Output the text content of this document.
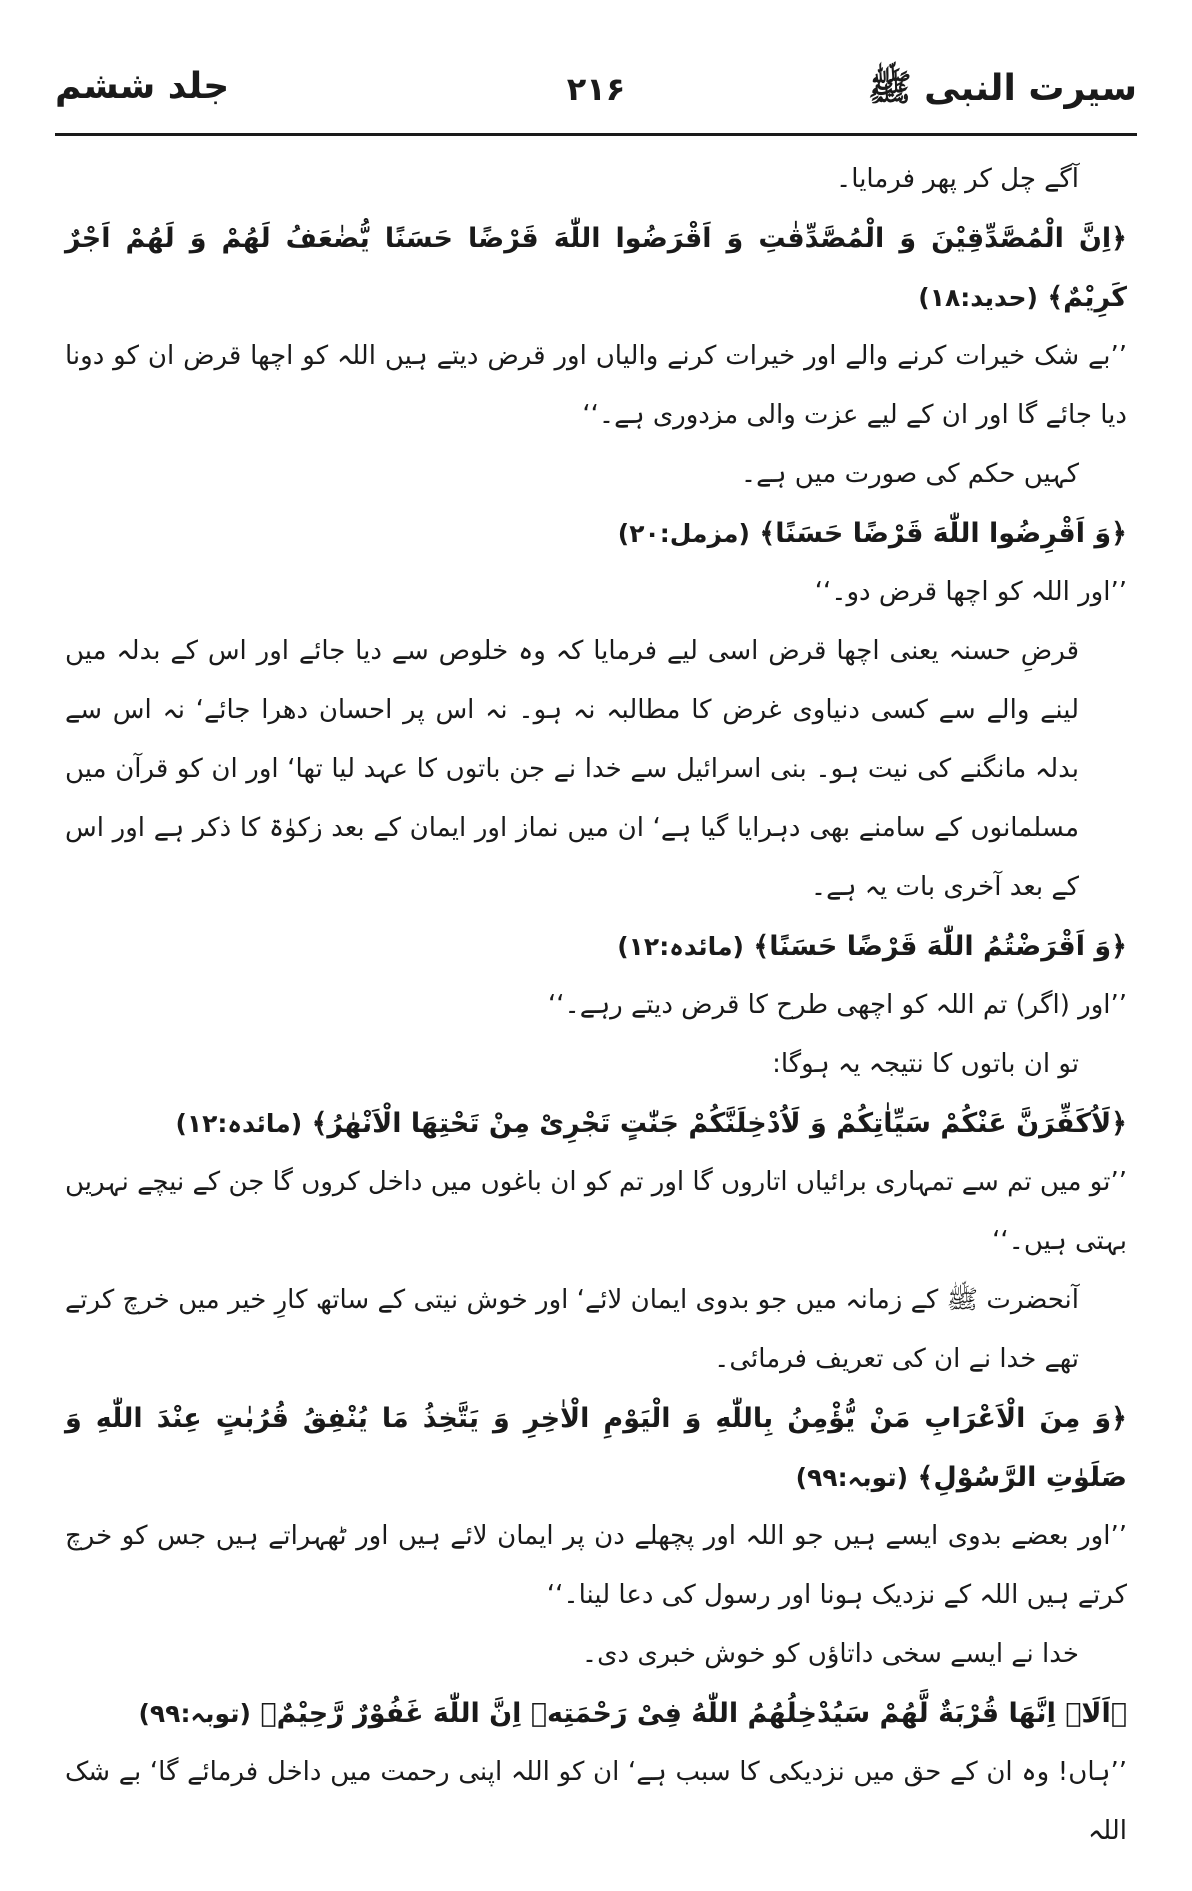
سیرت النبی ﷺ
۲۱۶
جلد ششم

آگے چل کر پھر فرمایا۔

﴿اِنَّ الْمُصَّدِّقِیْنَ وَ الْمُصَّدِّقٰتِ وَ اَقْرَضُوا اللّٰهَ قَرْضًا حَسَنًا یُّضٰعَفُ لَهُمْ وَ لَهُمْ اَجْرٌ كَرِیْمٌ﴾ (حدید:۱۸)

’’بے شک خیرات کرنے والے اور خیرات کرنے والیاں اور قرض دیتے ہیں اللہ کو اچھا قرض ان کو دونا دیا جائے گا اور ان کے لیے عزت والی مزدوری ہے۔‘‘

کہیں حکم کی صورت میں ہے۔

﴿وَ اَقْرِضُوا اللّٰهَ قَرْضًا حَسَنًا﴾ (مزمل:۲۰)

’’اور اللہ کو اچھا قرض دو۔‘‘

قرضِ حسنہ یعنی اچھا قرض اسی لیے فرمایا کہ وہ خلوص سے دیا جائے اور اس کے بدلہ میں لینے والے سے کسی دنیاوی غرض کا مطالبہ نہ ہو۔ نہ اس پر احسان دھرا جائے‘ نہ اس سے بدلہ مانگنے کی نیت ہو۔ بنی اسرائیل سے خدا نے جن باتوں کا عہد لیا تھا‘ اور ان کو قرآن میں مسلمانوں کے سامنے بھی دہرایا گیا ہے‘ ان میں نماز اور ایمان کے بعد زکوٰۃ کا ذکر ہے اور اس کے بعد آخری بات یہ ہے۔

﴿وَ اَقْرَضْتُمُ اللّٰهَ قَرْضًا حَسَنًا﴾ (مائدہ:۱۲)

’’اور (اگر) تم اللہ کو اچھی طرح کا قرض دیتے رہے۔‘‘

تو ان باتوں کا نتیجہ یہ ہوگا:

﴿لَاُكَفِّرَنَّ عَنْكُمْ سَیِّاٰتِكُمْ وَ لَاُدْخِلَنَّكُمْ جَنّٰتٍ تَجْرِیْ مِنْ تَحْتِهَا الْاَنْهٰرُ﴾ (مائدہ:۱۲)

’’تو میں تم سے تمہاری برائیاں اتاروں گا اور تم کو ان باغوں میں داخل کروں گا جن کے نیچے نہریں بہتی ہیں۔‘‘

آنحضرت ﷺ کے زمانہ میں جو بدوی ایمان لائے‘ اور خوش نیتی کے ساتھ کارِ خیر میں خرچ کرتے تھے خدا نے ان کی تعریف فرمائی۔

﴿وَ مِنَ الْاَعْرَابِ مَنْ یُّؤْمِنُ بِاللّٰهِ وَ الْیَوْمِ الْاٰخِرِ وَ یَتَّخِذُ مَا یُنْفِقُ قُرُبٰتٍ عِنْدَ اللّٰهِ وَ صَلَوٰتِ الرَّسُوْلِ﴾ (توبہ:۹۹)

’’اور بعضے بدوی ایسے ہیں جو اللہ اور پچھلے دن پر ایمان لائے ہیں اور ٹھہراتے ہیں جس کو خرچ کرتے ہیں اللہ کے نزدیک ہونا اور رسول کی دعا لینا۔‘‘

خدا نے ایسے سخی داتاؤں کو خوش خبری دی۔

﴿اَلَاۤ اِنَّهَا قُرْبَةٌ لَّهُمْ سَیُدْخِلُهُمُ اللّٰهُ فِیْ رَحْمَتِهٖ اِنَّ اللّٰهَ غَفُوْرٌ رَّحِیْمٌ﴾ (توبہ:۹۹)

’’ہاں! وہ ان کے حق میں نزدیکی کا سبب ہے‘ ان کو اللہ اپنی رحمت میں داخل فرمائے گا‘ بے شک اللہ
